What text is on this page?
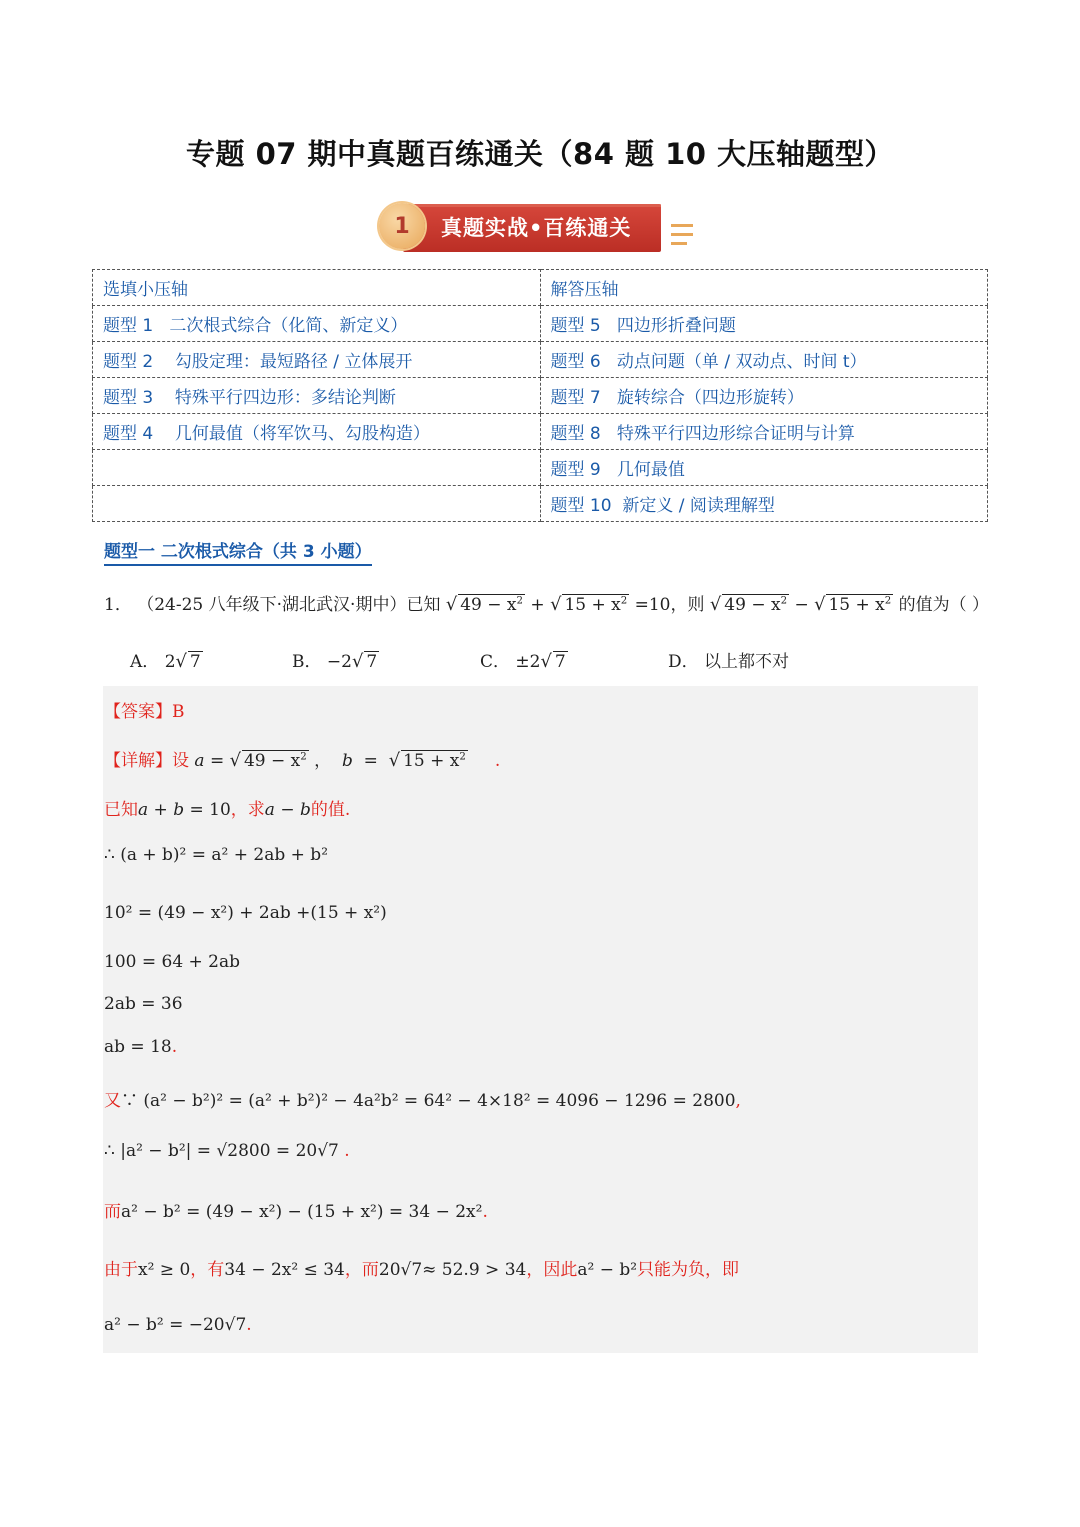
专题 07 期中真题百练通关（84 题 10 大压轴题型）
1	真题实战•百练通关
选填小压轴	解答压轴
题型 1   二次根式综合（化简、新定义）	题型 5   四边形折叠问题
题型 2    勾股定理：最短路径 / 立体展开	题型 6   动点问题（单 / 双动点、时间 t）
题型 3    特殊平行四边形：多结论判断	题型 7   旋转综合（四边形旋转）
题型 4    几何最值（将军饮马、勾股构造）	题型 8   特殊平行四边形综合证明与计算
	题型 9   几何最值
	题型 10  新定义 / 阅读理解型
题型一 二次根式综合（共 3 小题）
1． （24-25 八年级下·湖北武汉·期中）已知 √ $49 - x^2$ + √ $15 + x^2 =10$，则 √ $49 - x^2$ − √ $15 + x^2$ 的值为（ ）
A． 2√ 7	B． −2√ 7	C． ±2√ 7	D． 以上都不对
【答案】B
【详解】设 a = √ $49 - x^2$ ，  b  =  √ $15 + x^2$ .
已知a + b = 10，求a − b的值.
∴ (a + b)² = a² + 2ab + b²
10² = (49 − x²) + 2ab +(15 + x²)
100 = 64 + 2ab
2ab = 36
ab = 18.
又∵ (a² − b²)² = (a² + b²)² − 4a²b² = 64² − 4×18² = 4096 − 1296 = 2800,
∴ |a² − b²| = √2800 = 20√7 .
而a² − b² = (49 − x²) − (15 + x²) = 34 − 2x².
由于x² ≥ 0，有34 − 2x² ≤ 34，而20√7≈ 52.9 > 34，因此a² − b²只能为负，即
a² − b² = −20√7.
